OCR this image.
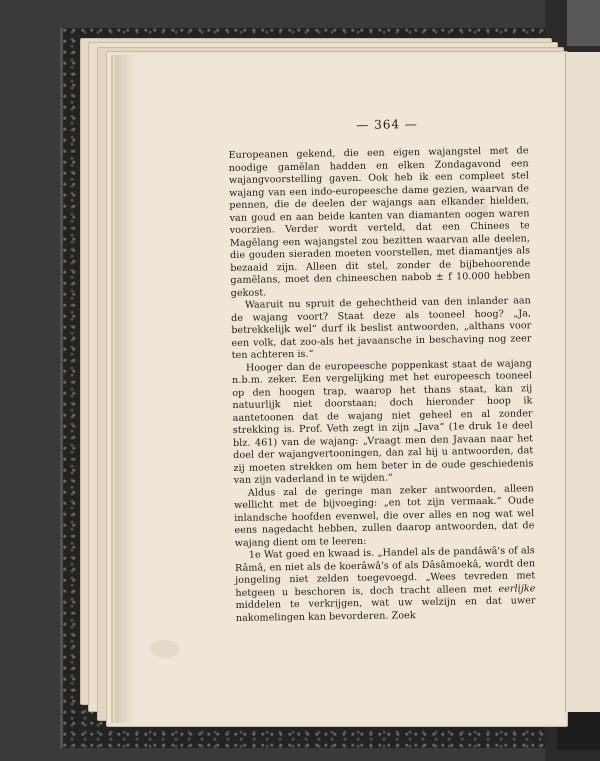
— 364 —

Europeanen gekend, die een eigen wajangstel met de noodige gamĕlan hadden en elken Zondagavond een wajangvoorstelling gaven. Ook heb ik een compleet stel wajang van een indo-europeesche dame gezien, waarvan de pennen, die de deelen der wajangs aan elkander hielden, van goud en aan beide kanten van diamanten oogen waren voorzien. Verder wordt verteld, dat een Chinees te Magĕlang een wajangstel zou bezitten waarvan alle deelen, die gouden sieraden moeten voorstellen, met diamantjes als bezaaid zijn. Alleen dit stel, zonder de bijbehoorende gamĕlans, moet den chineeschen nabob ± f 10.000 hebben gekost.

Waaruit nu spruit de gehechtheid van den inlander aan de wajang voort? Staat deze als tooneel hoog? „Ja, betrekkelijk wel“ durf ik beslist antwoorden, „althans voor een volk, dat zoo-als het javaansche in beschaving nog zeer ten achteren is.“

Hooger dan de europeesche poppenkast staat de wajang n.b.m. zeker. Een vergelijking met het europeesch tooneel op den hoogen trap, waarop het thans staat, kan zij natuurlijk niet doorstaan; doch hieronder hoop ik aantetoonen dat de wajang niet geheel en al zonder strekking is. Prof. Veth zegt in zijn „Java“ (1e druk 1e deel blz. 461) van de wajang: „Vraagt men den Javaan naar het doel der wajangvertooningen, dan zal hij u antwoorden, dat zij moeten strekken om hem beter in de oude geschiedenis van zijn vaderland in te wijden.“

Aldus zal de geringe man zeker antwoorden, alleen wellicht met de bijvoeging: „en tot zijn vermaak.“ Oude inlandsche hoofden evenwel, die over alles en nog wat wel eens nagedacht hebben, zullen daarop antwoorden, dat de wajang dient om te leeren:

1e Wat goed en kwaad is. „Handel als de pandâwâ's of als Râmâ, en niet als de koerâwâ's of als Dâsâmoekâ, wordt den jongeling niet zelden toegevoegd. „Wees tevreden met hetgeen u beschoren is, doch tracht alleen met eerlijke middelen te verkrijgen, wat uw welzijn en dat uwer nakomelingen kan bevorderen. Zoek
